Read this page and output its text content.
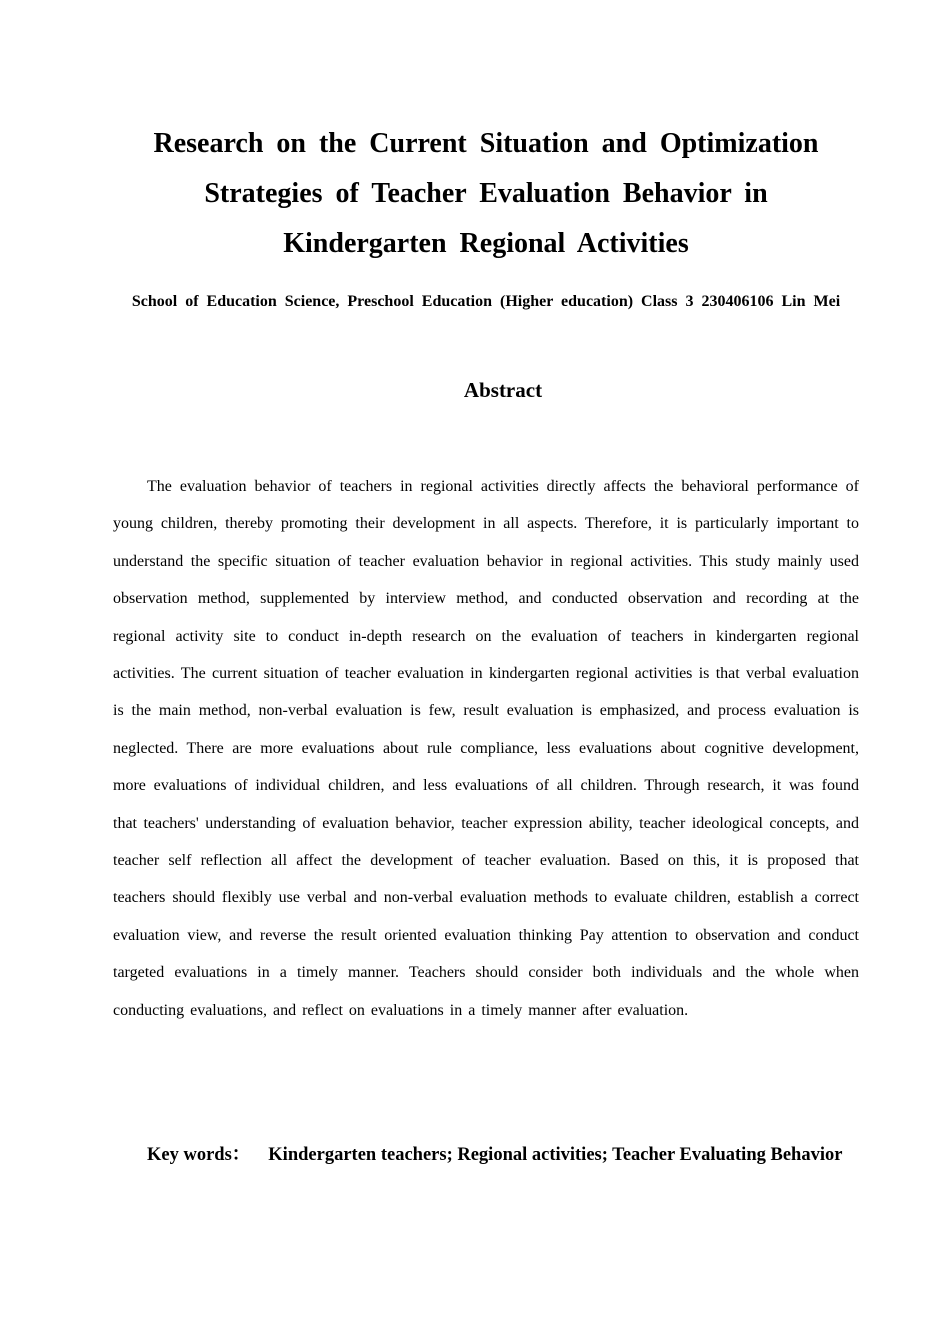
Research on the Current Situation and Optimization
Strategies of Teacher Evaluation Behavior in
Kindergarten Regional Activities
School of Education Science, Preschool Education (Higher education) Class 3 230406106 Lin Mei
Abstract
The evaluation behavior of teachers in regional activities directly affects the behavioral performance of young children, thereby promoting their development in all aspects. Therefore, it is particularly important to understand the specific situation of teacher evaluation behavior in regional activities. This study mainly used observation method, supplemented by interview method, and conducted observation and recording at the regional activity site to conduct in-depth research on the evaluation of teachers in kindergarten regional activities. The current situation of teacher evaluation in kindergarten regional activities is that verbal evaluation is the main method, non-verbal evaluation is few, result evaluation is emphasized, and process evaluation is neglected. There are more evaluations about rule compliance, less evaluations about cognitive development, more evaluations of individual children, and less evaluations of all children. Through research, it was found that teachers' understanding of evaluation behavior, teacher expression ability, teacher ideological concepts, and teacher self reflection all affect the development of teacher evaluation. Based on this, it is proposed that teachers should flexibly use verbal and non-verbal evaluation methods to evaluate children, establish a correct evaluation view, and reverse the result oriented evaluation thinking Pay attention to observation and conduct targeted evaluations in a timely manner. Teachers should consider both individuals and the whole when conducting evaluations, and reflect on evaluations in a timely manner after evaluation.
Key words： Kindergarten teachers; Regional activities; Teacher Evaluating Behavior
